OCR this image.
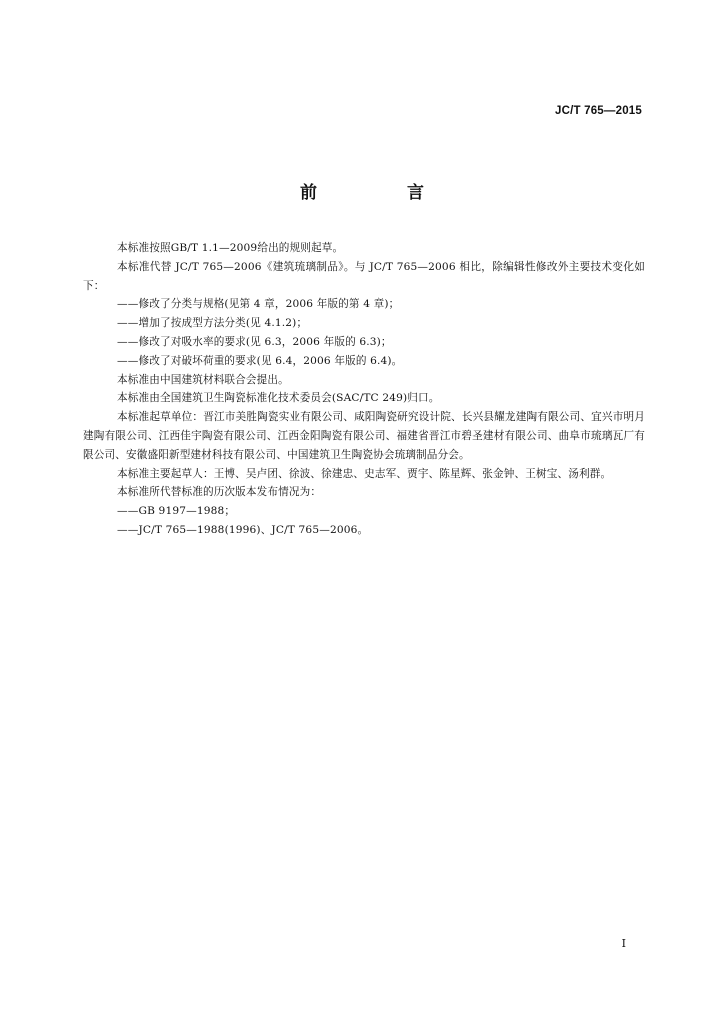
JC/T 765—2015
前 言

本标准按照GB/T 1.1—2009给出的规则起草。

本标准代替 JC/T 765—2006《建筑琉璃制品》。与 JC/T 765—2006 相比，除编辑性修改外主要技术变化如下：

——修改了分类与规格(见第 4 章，2006 年版的第 4 章)；

——增加了按成型方法分类(见 4.1.2)；

——修改了对吸水率的要求(见 6.3，2006 年版的 6.3)；

——修改了对破坏荷重的要求(见 6.4，2006 年版的 6.4)。

本标准由中国建筑材料联合会提出。

本标准由全国建筑卫生陶瓷标准化技术委员会(SAC/TC 249)归口。

本标准起草单位：晋江市美胜陶瓷实业有限公司、咸阳陶瓷研究设计院、长兴县耀龙建陶有限公司、宜兴市明月建陶有限公司、江西佳宇陶瓷有限公司、江西金阳陶瓷有限公司、福建省晋江市碧圣建材有限公司、曲阜市琉璃瓦厂有限公司、安徽盛阳新型建材科技有限公司、中国建筑卫生陶瓷协会琉璃制品分会。

本标准主要起草人：王博、吴卢团、徐波、徐建忠、史志军、贾宇、陈星辉、张金钟、王树宝、汤利群。

本标准所代替标准的历次版本发布情况为：

——GB 9197—1988；

——JC/T 765—1988(1996)、JC/T 765—2006。

I
